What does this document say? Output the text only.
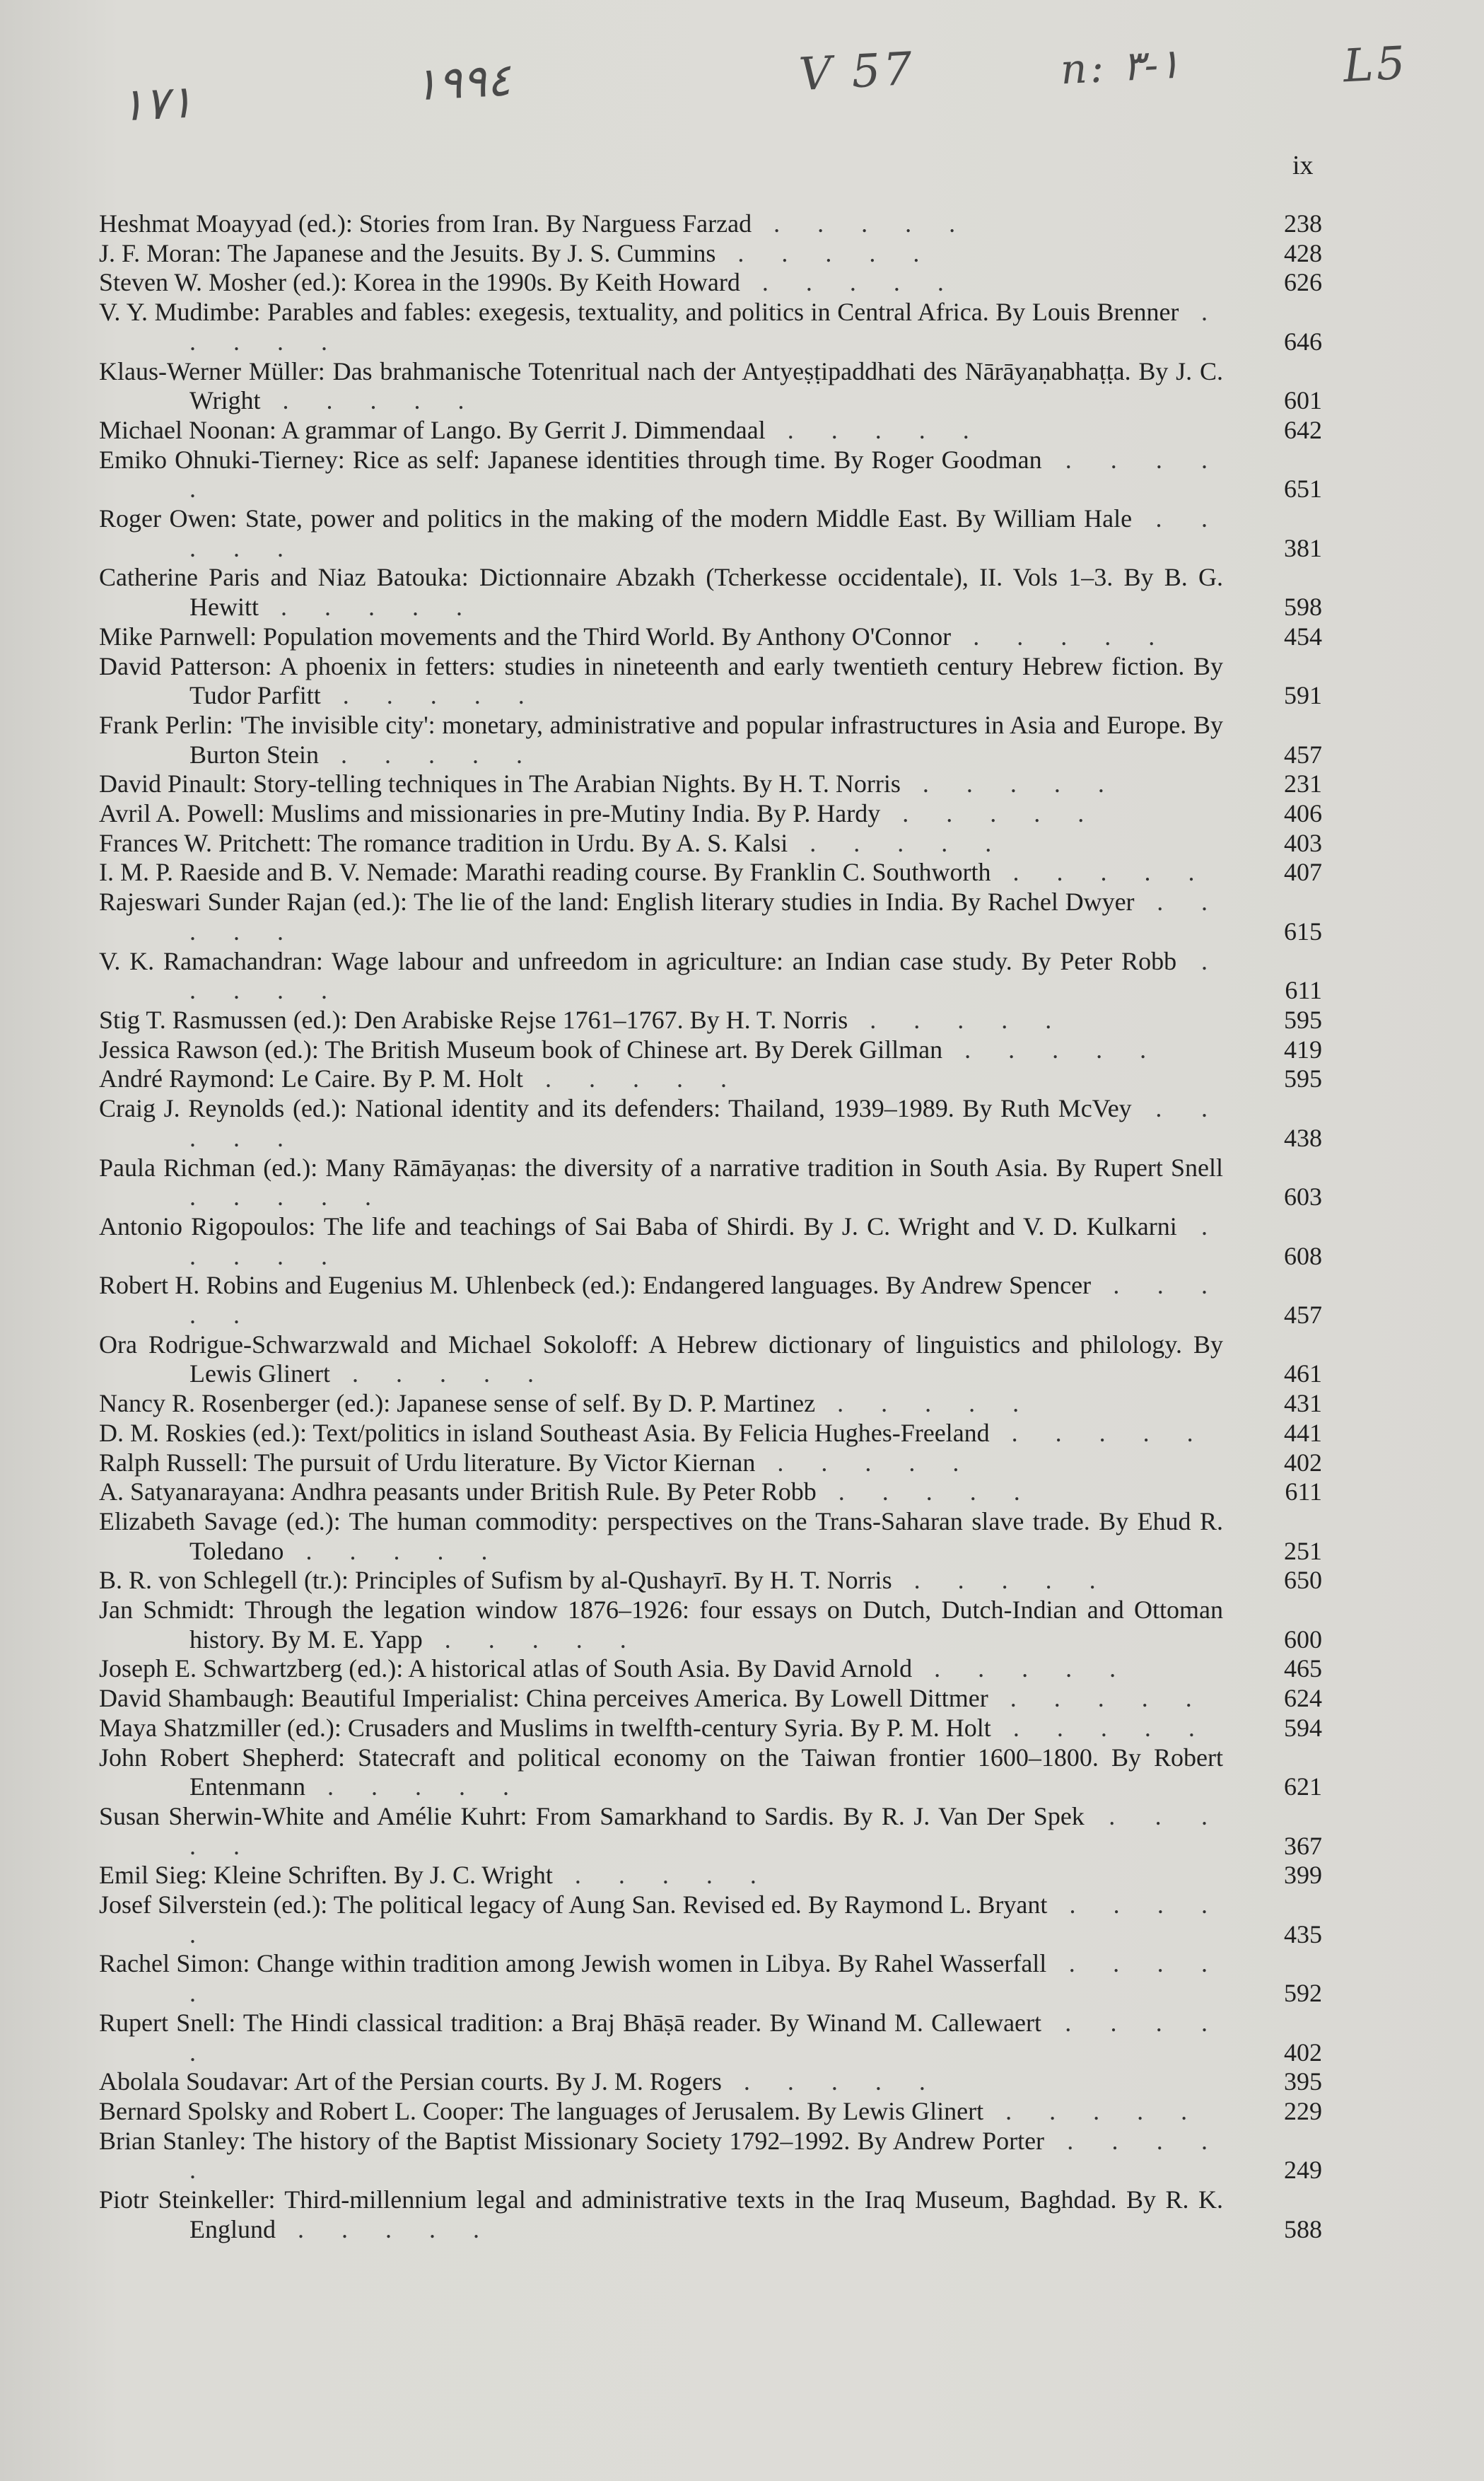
١٧١	١٩٩٤	V 57	n: ١-٣	L5
ix
Heshmat Moayyad (ed.): Stories from Iran. By Narguess Farzad . . . . .	238
J. F. Moran: The Japanese and the Jesuits. By J. S. Cummins . . . . .	428
Steven W. Mosher (ed.): Korea in the 1990s. By Keith Howard . . . . .	626
V. Y. Mudimbe: Parables and fables: exegesis, textuality, and politics in Central Africa. By Louis Brenner . . . . .	646
Klaus-Werner Müller: Das brahmanische Totenritual nach der Antyeṣṭipaddhati des Nārāyaṇabhaṭṭa. By J. C. Wright . . . . .	601
Michael Noonan: A grammar of Lango. By Gerrit J. Dimmendaal . . . . .	642
Emiko Ohnuki-Tierney: Rice as self: Japanese identities through time. By Roger Goodman . . . . .	651
Roger Owen: State, power and politics in the making of the modern Middle East. By William Hale . . . . .	381
Catherine Paris and Niaz Batouka: Dictionnaire Abzakh (Tcherkesse occidentale), II. Vols 1–3. By B. G. Hewitt . . . . .	598
Mike Parnwell: Population movements and the Third World. By Anthony O'Connor . . . . .	454
David Patterson: A phoenix in fetters: studies in nineteenth and early twentieth century Hebrew fiction. By Tudor Parfitt . . . . .	591
Frank Perlin: 'The invisible city': monetary, administrative and popular infrastructures in Asia and Europe. By Burton Stein . . . . .	457
David Pinault: Story-telling techniques in The Arabian Nights. By H. T. Norris . . . . .	231
Avril A. Powell: Muslims and missionaries in pre-Mutiny India. By P. Hardy . . . . .	406
Frances W. Pritchett: The romance tradition in Urdu. By A. S. Kalsi . . . . .	403
I. M. P. Raeside and B. V. Nemade: Marathi reading course. By Franklin C. Southworth . . . . .	407
Rajeswari Sunder Rajan (ed.): The lie of the land: English literary studies in India. By Rachel Dwyer . . . . .	615
V. K. Ramachandran: Wage labour and unfreedom in agriculture: an Indian case study. By Peter Robb . . . . .	611
Stig T. Rasmussen (ed.): Den Arabiske Rejse 1761–1767. By H. T. Norris . . . . .	595
Jessica Rawson (ed.): The British Museum book of Chinese art. By Derek Gillman . . . . .	419
André Raymond: Le Caire. By P. M. Holt . . . . .	595
Craig J. Reynolds (ed.): National identity and its defenders: Thailand, 1939–1989. By Ruth McVey . . . . .	438
Paula Richman (ed.): Many Rāmāyaṇas: the diversity of a narrative tradition in South Asia. By Rupert Snell . . . . .	603
Antonio Rigopoulos: The life and teachings of Sai Baba of Shirdi. By J. C. Wright and V. D. Kulkarni . . . . .	608
Robert H. Robins and Eugenius M. Uhlenbeck (ed.): Endangered languages. By Andrew Spencer . . . . .	457
Ora Rodrigue-Schwarzwald and Michael Sokoloff: A Hebrew dictionary of linguistics and philology. By Lewis Glinert . . . . .	461
Nancy R. Rosenberger (ed.): Japanese sense of self. By D. P. Martinez . . . . .	431
D. M. Roskies (ed.): Text/politics in island Southeast Asia. By Felicia Hughes-Freeland . . . . .	441
Ralph Russell: The pursuit of Urdu literature. By Victor Kiernan . . . . .	402
A. Satyanarayana: Andhra peasants under British Rule. By Peter Robb . . . . .	611
Elizabeth Savage (ed.): The human commodity: perspectives on the Trans-Saharan slave trade. By Ehud R. Toledano . . . . .	251
B. R. von Schlegell (tr.): Principles of Sufism by al-Qushayrī. By H. T. Norris . . . . .	650
Jan Schmidt: Through the legation window 1876–1926: four essays on Dutch, Dutch-Indian and Ottoman history. By M. E. Yapp . . . . .	600
Joseph E. Schwartzberg (ed.): A historical atlas of South Asia. By David Arnold . . . . .	465
David Shambaugh: Beautiful Imperialist: China perceives America. By Lowell Dittmer . . . . .	624
Maya Shatzmiller (ed.): Crusaders and Muslims in twelfth-century Syria. By P. M. Holt . . . . .	594
John Robert Shepherd: Statecraft and political economy on the Taiwan frontier 1600–1800. By Robert Entenmann . . . . .	621
Susan Sherwin-White and Amélie Kuhrt: From Samarkhand to Sardis. By R. J. Van Der Spek . . . . .	367
Emil Sieg: Kleine Schriften. By J. C. Wright . . . . .	399
Josef Silverstein (ed.): The political legacy of Aung San. Revised ed. By Raymond L. Bryant . . . . .	435
Rachel Simon: Change within tradition among Jewish women in Libya. By Rahel Wasserfall . . . . .	592
Rupert Snell: The Hindi classical tradition: a Braj Bhāṣā reader. By Winand M. Callewaert . . . . .	402
Abolala Soudavar: Art of the Persian courts. By J. M. Rogers . . . . .	395
Bernard Spolsky and Robert L. Cooper: The languages of Jerusalem. By Lewis Glinert . . . . .	229
Brian Stanley: The history of the Baptist Missionary Society 1792–1992. By Andrew Porter . . . . .	249
Piotr Steinkeller: Third-millennium legal and administrative texts in the Iraq Museum, Baghdad. By R. K. Englund . . . . .	588
